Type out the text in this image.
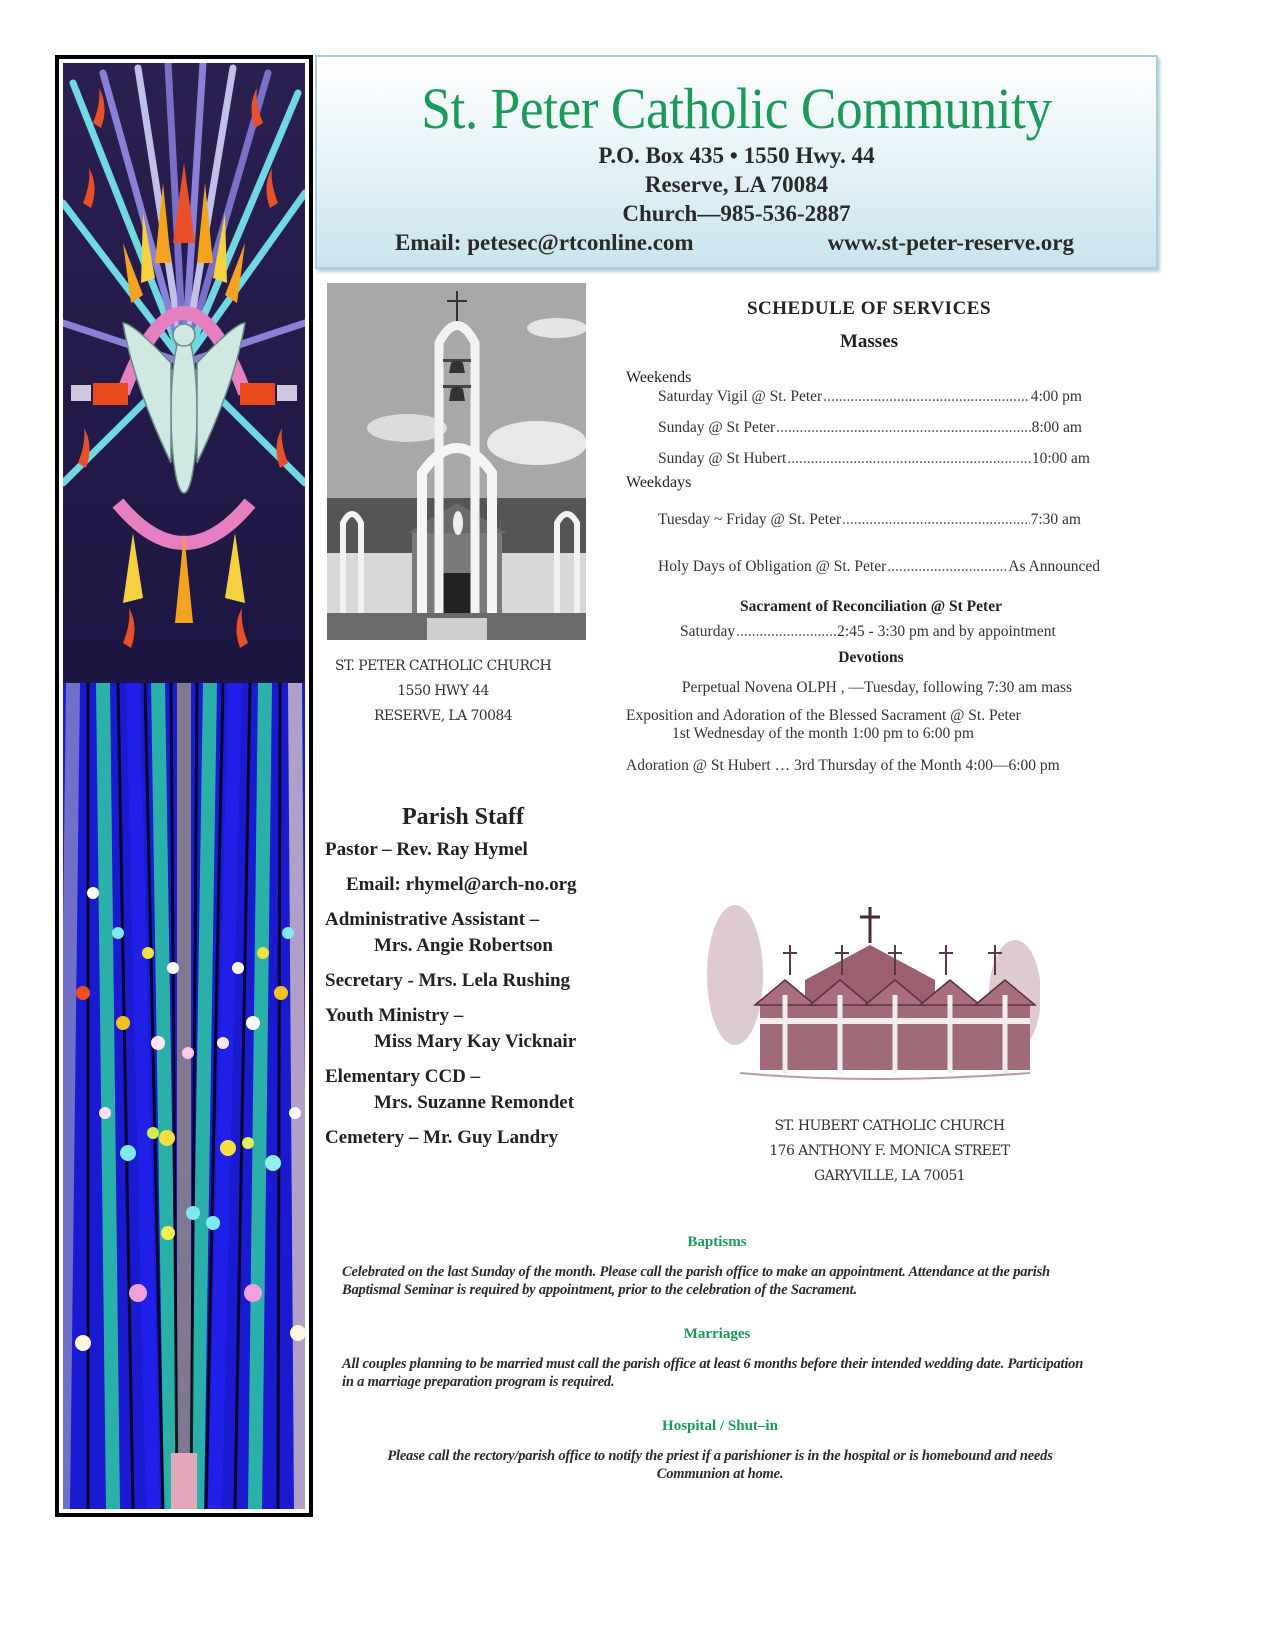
St. Peter Catholic Community
P.O. Box 435 • 1550 Hwy. 44
Reserve, LA 70084
Church—985-536-2887
Email: petesec@rtconline.com	www.st-peter-reserve.org
ST. PETER CATHOLIC CHURCH
1550 HWY 44
RESERVE, LA 70084
SCHEDULE OF SERVICES
Masses
Weekends
Saturday Vigil @ St. Peter .....	4:00 pm
Sunday @ St Peter .....	8:00 am
Sunday @ St Hubert .....	10:00 am
Weekdays
Tuesday ~ Friday @ St. Peter .....	7:30 am
Holy Days of Obligation @ St. Peter .....	As Announced
Sacrament of Reconciliation @ St Peter
Saturday .....	2:45 - 3:30 pm and by appointment
Devotions
Perpetual Novena OLPH , —Tuesday, following 7:30 am mass
Exposition and Adoration of the Blessed Sacrament @ St. Peter
1st Wednesday of the month 1:00 pm to 6:00 pm
Adoration @ St Hubert … 3rd Thursday of the Month 4:00—6:00 pm
Parish Staff
Pastor – Rev. Ray Hymel
Email: rhymel@arch-no.org
Administrative Assistant –
Mrs. Angie Robertson
Secretary - Mrs. Lela Rushing
Youth Ministry –
Miss Mary Kay Vicknair
Elementary CCD –
Mrs. Suzanne Remondet
Cemetery – Mr. Guy Landry
ST. HUBERT CATHOLIC CHURCH
176 ANTHONY F. MONICA STREET
GARYVILLE, LA 70051
Baptisms
Celebrated on the last Sunday of the month. Please call the parish office to make an appointment. Attendance at the parish Baptismal Seminar is required by appointment, prior to the celebration of the Sacrament.
Marriages
All couples planning to be married must call the parish office at least 6 months before their intended wedding date. Participation in a marriage preparation program is required.
Hospital / Shut–in
Please call the rectory/parish office to notify the priest if a parishioner is in the hospital or is homebound and needs Communion at home.
